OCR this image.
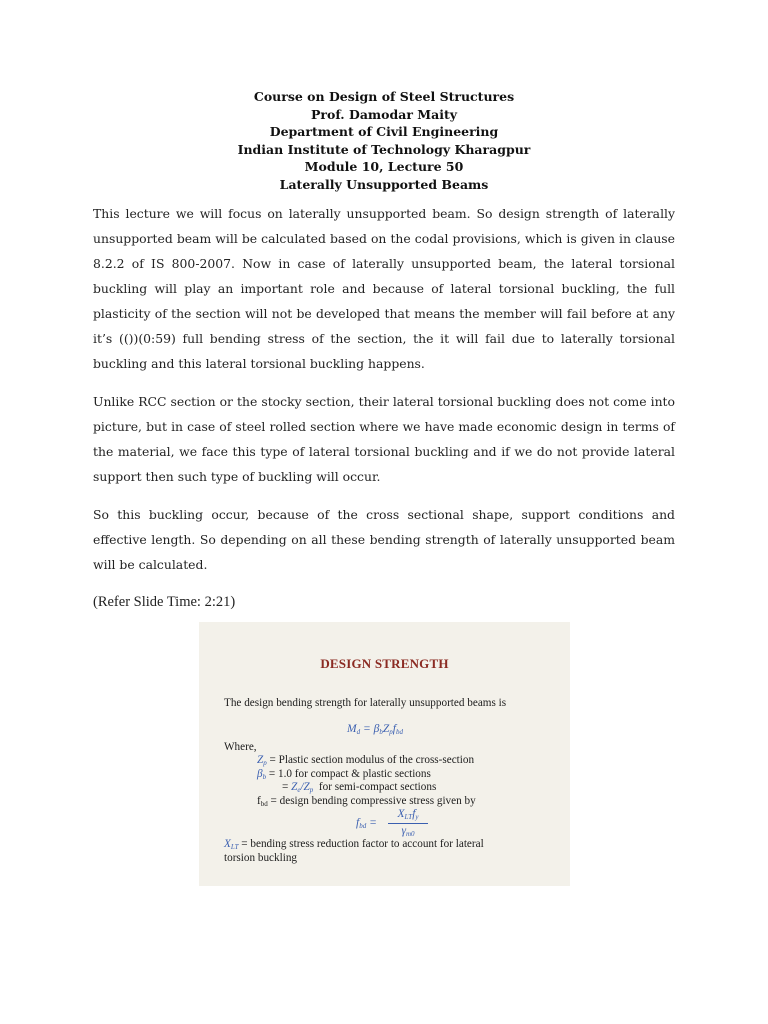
Course on Design of Steel Structures
Prof. Damodar Maity
Department of Civil Engineering
Indian Institute of Technology Kharagpur
Module 10, Lecture 50
Laterally Unsupported Beams

This lecture we will focus on laterally unsupported beam. So design strength of laterally unsupported beam will be calculated based on the codal provisions, which is given in clause 8.2.2 of IS 800-2007. Now in case of laterally unsupported beam, the lateral torsional buckling will play an important role and because of lateral torsional buckling, the full plasticity of the section will not be developed that means the member will fail before at any it’s (())(0:59) full bending stress of the section, the it will fail due to laterally torsional buckling and this lateral torsional buckling happens.

Unlike RCC section or the stocky section, their lateral torsional buckling does not come into picture, but in case of steel rolled section where we have made economic design in terms of the material, we face this type of lateral torsional buckling and if we do not provide lateral support then such type of buckling will occur.

So this buckling occur, because of the cross sectional shape, support conditions and effective length. So depending on all these bending strength of laterally unsupported beam will be calculated.

(Refer Slide Time: 2:21)
DESIGN STRENGTH
The design bending strength for laterally unsupported beams is
$M_d = \beta_bZ_pf_{bd}$
Where,
$Z_p$ = Plastic section modulus of the cross-section
$\beta_b = 1.0$ for compact & plastic sections
= $Z_e/Z_p$ for semi-compact sections
$f_{bd}$ = design bending compressive stress given by
$f_{bd}$ =
$X_{LT}f_y$
$\gamma_{m0}$
$X_{LT}$ = bending stress reduction factor to account for lateral
torsion buckling
